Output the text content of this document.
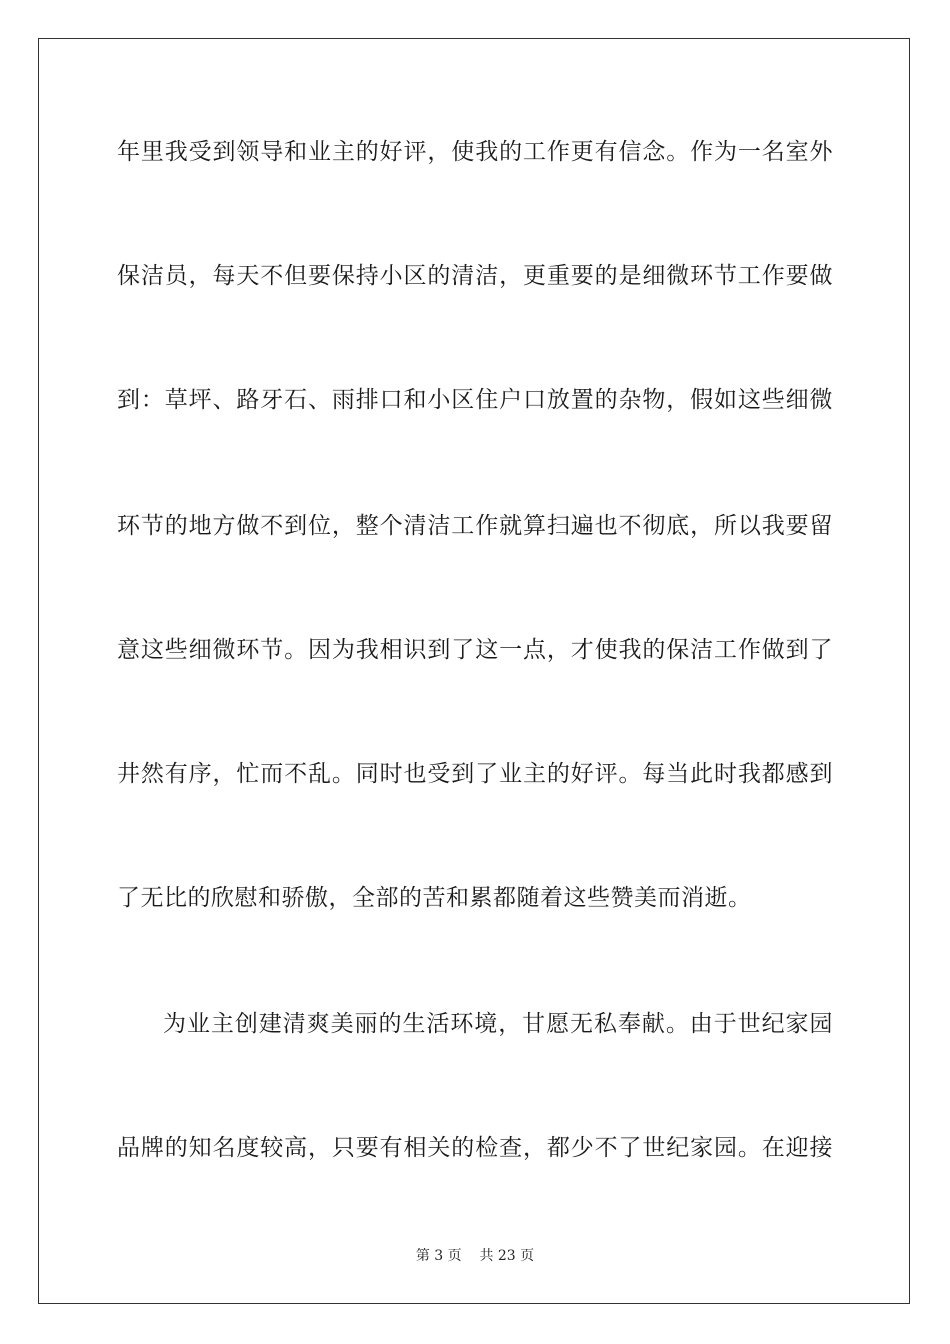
年里我受到领导和业主的好评，使我的工作更有信念。作为一名室外
保洁员，每天不但要保持小区的清洁，更重要的是细微环节工作要做
到：草坪、路牙石、雨排口和小区住户口放置的杂物，假如这些细微
环节的地方做不到位，整个清洁工作就算扫遍也不彻底，所以我要留
意这些细微环节。因为我相识到了这一点，才使我的保洁工作做到了
井然有序，忙而不乱。同时也受到了业主的好评。每当此时我都感到
了无比的欣慰和骄傲，全部的苦和累都随着这些赞美而消逝。
为业主创建清爽美丽的生活环境，甘愿无私奉献。由于世纪家园
品牌的知名度较高，只要有相关的检查，都少不了世纪家园。在迎接
第 3 页 共 23 页
